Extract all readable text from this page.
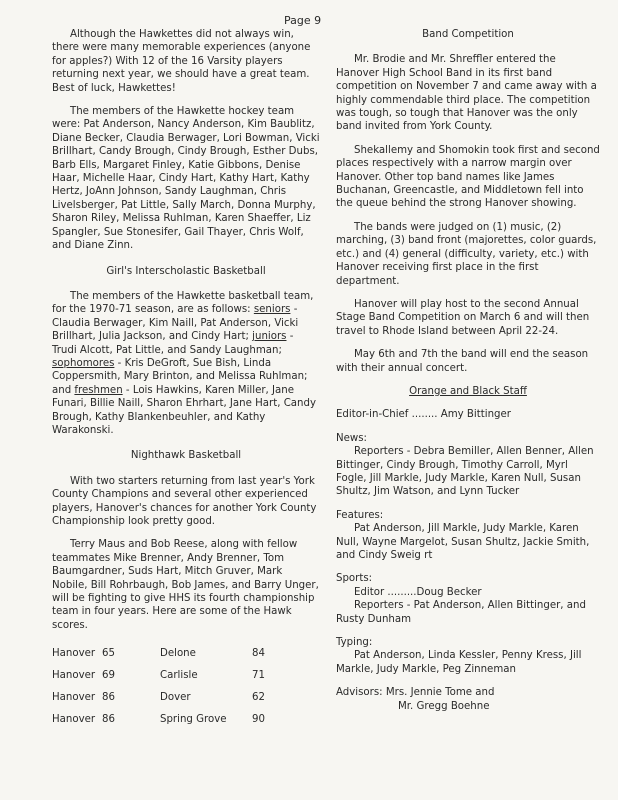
Page 9

Although the Hawkettes did not always win, there were many memorable experiences (anyone for apples?) With 12 of the 16 Varsity players returning next year, we should have a great team. Best of luck, Hawkettes!

The members of the Hawkette hockey team were: Pat Anderson, Nancy Anderson, Kim Baublitz, Diane Becker, Claudia Berwager, Lori Bowman, Vicki Brillhart, Candy Brough, Cindy Brough, Esther Dubs, Barb Ells, Margaret Finley, Katie Gibbons, Denise Haar, Michelle Haar, Cindy Hart, Kathy Hart, Kathy Hertz, JoAnn Johnson, Sandy Laughman, Chris Livelsberger, Pat Little, Sally March, Donna Murphy, Sharon Riley, Melissa Ruhlman, Karen Shaeffer, Liz Spangler, Sue Stonesifer, Gail Thayer, Chris Wolf, and Diane Zinn.

Girl's Interscholastic Basketball

The members of the Hawkette basketball team, for the 1970-71 season, are as follows: seniors - Claudia Berwager, Kim Naill, Pat Anderson, Vicki Brillhart, Julia Jackson, and Cindy Hart; juniors - Trudi Alcott, Pat Little, and Sandy Laughman; sophomores - Kris DeGroft, Sue Bish, Linda Coppersmith, Mary Brinton, and Melissa Ruhlman; and freshmen - Lois Hawkins, Karen Miller, Jane Funari, Billie Naill, Sharon Ehrhart, Jane Hart, Candy Brough, Kathy Blankenbeuhler, and Kathy Warakonski.

Nighthawk Basketball

With two starters returning from last year's York County Champions and several other experienced players, Hanover's chances for another York County Championship look pretty good.

Terry Maus and Bob Reese, along with fellow teammates Mike Brenner, Andy Brenner, Tom Baumgardner, Suds Hart, Mitch Gruver, Mark Nobile, Bill Rohrbaugh, Bob James, and Barry Unger, will be fighting to give HHS its fourth championship team in four years. Here are some of the Hawk scores.

Hanover	65	Delone	84
Hanover	69	Carlisle	71
Hanover	86	Dover	62
Hanover	86	Spring Grove	90
Band Competition

Mr. Brodie and Mr. Shreffler entered the Hanover High School Band in its first band competition on November 7 and came away with a highly commendable third place. The competition was tough, so tough that Hanover was the only band invited from York County.

Shekallemy and Shomokin took first and second places respectively with a narrow margin over Hanover. Other top band names like James Buchanan, Greencastle, and Middletown fell into the queue behind the strong Hanover showing.

The bands were judged on (1) music, (2) marching, (3) band front (majorettes, color guards, etc.) and (4) general (difficulty, variety, etc.) with Hanover receiving first place in the first department.

Hanover will play host to the second Annual Stage Band Competition on March 6 and will then travel to Rhode Island between April 22-24.

May 6th and 7th the band will end the season with their annual concert.

Orange and Black Staff

Editor-in-Chief ........ Amy Bittinger

News:
Reporters - Debra Bemiller, Allen Benner, Allen Bittinger, Cindy Brough, Timothy Carroll, Myrl Fogle, Jill Markle, Judy Markle, Karen Null, Susan Shultz, Jim Watson, and Lynn Tucker
Features:
Pat Anderson, Jill Markle, Judy Markle, Karen Null, Wayne Margelot, Susan Shultz, Jackie Smith, and Cindy Sweig rt
Sports:
Editor .........Doug Becker
Reporters - Pat Anderson, Allen Bittinger, and Rusty Dunham
Typing:
Pat Anderson, Linda Kessler, Penny Kress, Jill Markle, Judy Markle, Peg Zinneman
Advisors: Mrs. Jennie Tome and
Mr. Gregg Boehne
